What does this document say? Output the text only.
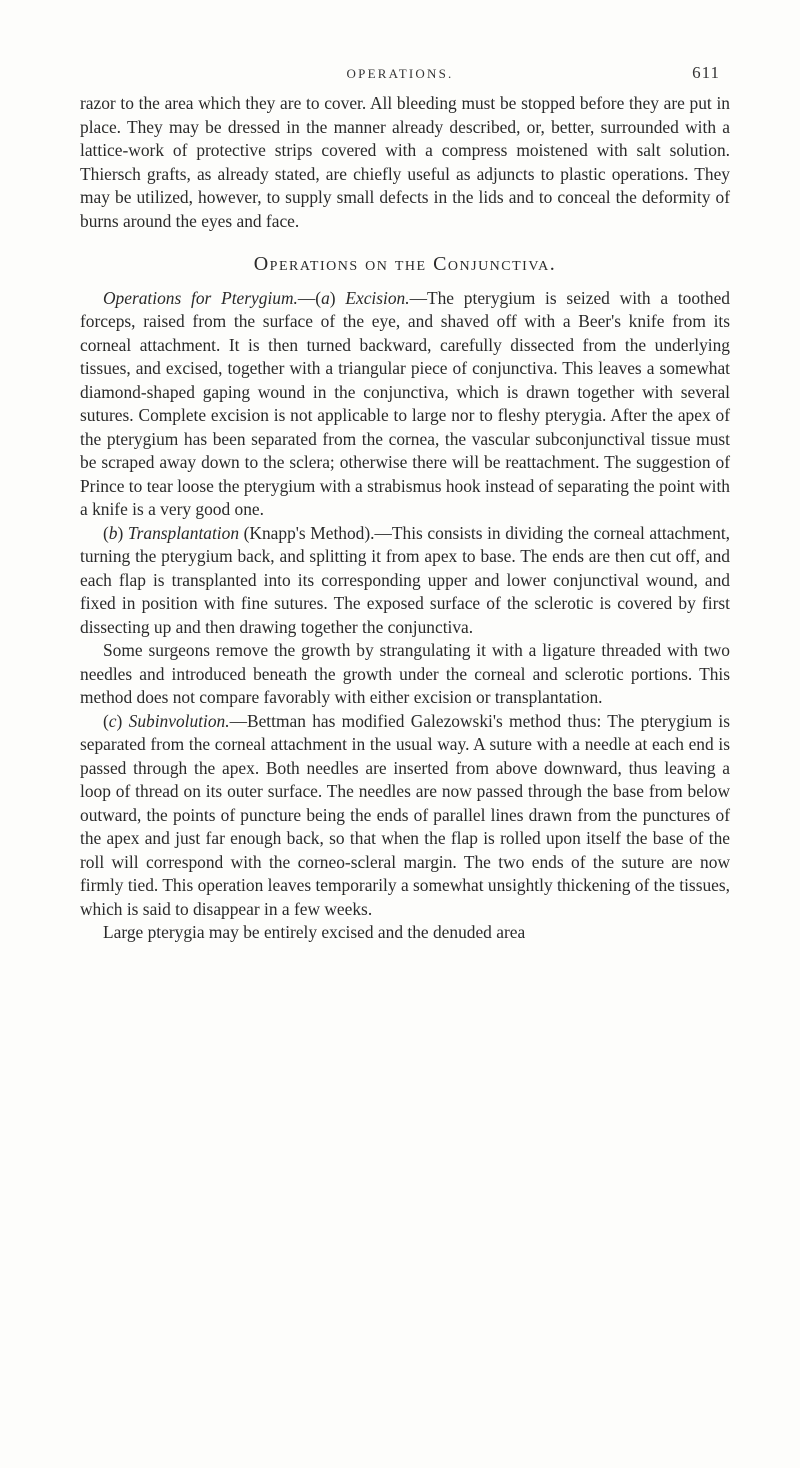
OPERATIONS.	611

razor to the area which they are to cover. All bleeding must be stopped before they are put in place. They may be dressed in the manner already described, or, better, surrounded with a lattice-work of protective strips covered with a compress moistened with salt solution. Thiersch grafts, as already stated, are chiefly useful as adjuncts to plastic operations. They may be utilized, however, to supply small defects in the lids and to conceal the deformity of burns around the eyes and face.

Operations on the Conjunctiva.

Operations for Pterygium.—(a) Excision.—The pterygium is seized with a toothed forceps, raised from the surface of the eye, and shaved off with a Beer's knife from its corneal attachment. It is then turned backward, carefully dissected from the underlying tissues, and excised, together with a triangular piece of conjunctiva. This leaves a somewhat diamond-shaped gaping wound in the conjunctiva, which is drawn together with several sutures. Complete excision is not applicable to large nor to fleshy pterygia. After the apex of the pterygium has been separated from the cornea, the vascular subconjunctival tissue must be scraped away down to the sclera; otherwise there will be reattachment. The suggestion of Prince to tear loose the pterygium with a strabismus hook instead of separating the point with a knife is a very good one.

(b) Transplantation (Knapp's Method).—This consists in dividing the corneal attachment, turning the pterygium back, and splitting it from apex to base. The ends are then cut off, and each flap is transplanted into its corresponding upper and lower conjunctival wound, and fixed in position with fine sutures. The exposed surface of the sclerotic is covered by first dissecting up and then drawing together the conjunctiva.

Some surgeons remove the growth by strangulating it with a ligature threaded with two needles and introduced beneath the growth under the corneal and sclerotic portions. This method does not compare favorably with either excision or transplantation.

(c) Subinvolution.—Bettman has modified Galezowski's method thus: The pterygium is separated from the corneal attachment in the usual way. A suture with a needle at each end is passed through the apex. Both needles are inserted from above downward, thus leaving a loop of thread on its outer surface. The needles are now passed through the base from below outward, the points of puncture being the ends of parallel lines drawn from the punctures of the apex and just far enough back, so that when the flap is rolled upon itself the base of the roll will correspond with the corneo-scleral margin. The two ends of the suture are now firmly tied. This operation leaves temporarily a somewhat unsightly thickening of the tissues, which is said to disappear in a few weeks.

Large pterygia may be entirely excised and the denuded area
